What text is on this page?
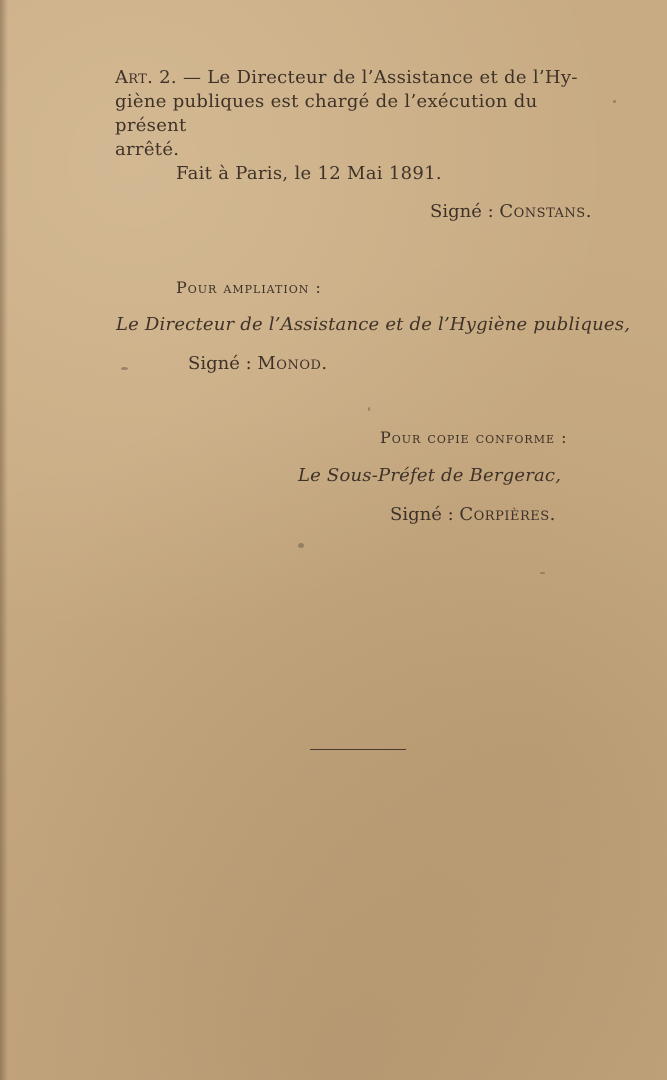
Art. 2. — Le Directeur de l’Assistance et de l’Hy-

giène publiques est chargé de l’exécution du présent

arrêté.

Fait à Paris, le 12 Mai 1891.
Signé : Constans.
Pour ampliation :
Le Directeur de l’Assistance et de l’Hygiène publiques,
Signé : Monod.
Pour copie conforme :
Le Sous-Préfet de Bergerac,
Signé : Corpières.
